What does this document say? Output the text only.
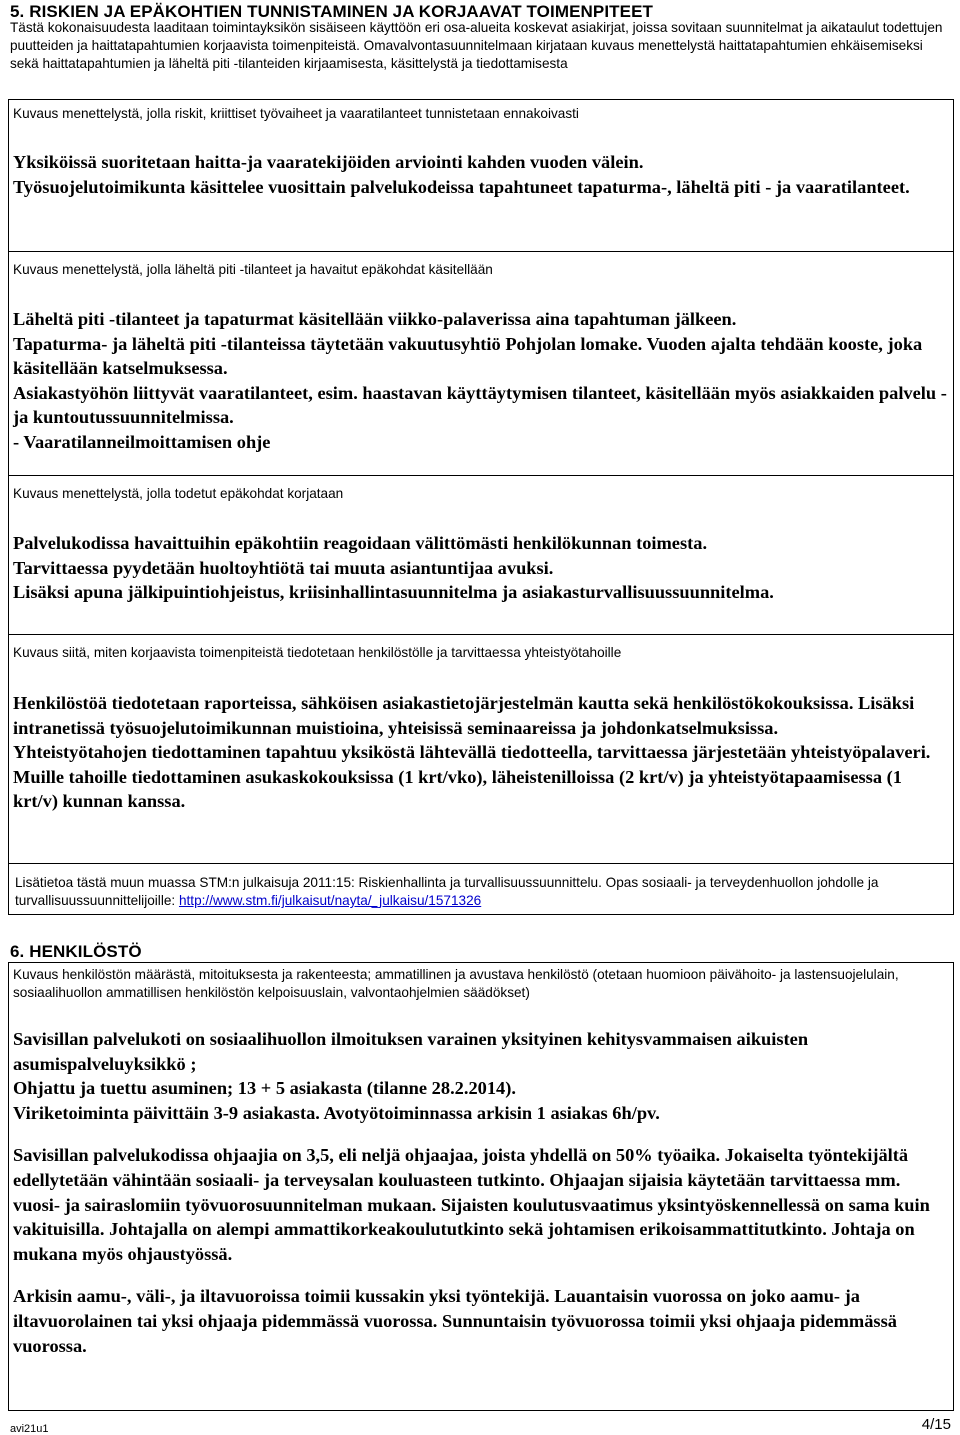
5. RISKIEN JA EPÄKOHTIEN TUNNISTAMINEN JA KORJAAVAT TOIMENPITEET
Tästä kokonaisuudesta laaditaan toimintayksikön sisäiseen käyttöön eri osa-alueita koskevat asiakirjat, joissa sovitaan suunnitelmat ja aikataulut todettujen puutteiden ja haittatapahtumien korjaavista toimenpiteistä. Omavalvontasuunnitelmaan kirjataan kuvaus menettelystä haittatapahtumien ehkäisemiseksi sekä haittatapahtumien ja läheltä piti -tilanteiden kirjaamisesta, käsittelystä ja tiedottamisesta
Kuvaus menettelystä, jolla riskit, kriittiset työvaiheet ja vaaratilanteet tunnistetaan ennakoivasti

Yksiköissä suoritetaan haitta-ja vaaratekijöiden arviointi kahden vuoden välein.

Työsuojelutoimikunta käsittelee vuosittain palvelukodeissa tapahtuneet tapaturma-, läheltä piti - ja vaaratilanteet.

Kuvaus menettelystä, jolla läheltä piti -tilanteet ja havaitut epäkohdat käsitellään

Läheltä piti -tilanteet ja tapaturmat käsitellään viikko-palaverissa aina tapahtuman jälkeen.

Tapaturma- ja läheltä piti -tilanteissa täytetään vakuutusyhtiö Pohjolan lomake. Vuoden ajalta tehdään kooste, joka käsitellään katselmuksessa.

Asiakastyöhön liittyvät vaaratilanteet, esim. haastavan käyttäytymisen tilanteet, käsitellään myös asiakkaiden palvelu -ja kuntoutussuunnitelmissa.

- Vaaratilanneilmoittamisen ohje

Kuvaus menettelystä, jolla todetut epäkohdat korjataan

Palvelukodissa havaittuihin epäkohtiin reagoidaan välittömästi henkilökunnan toimesta.

Tarvittaessa pyydetään huoltoyhtiötä tai muuta asiantuntijaa avuksi.

Lisäksi apuna jälkipuintiohjeistus, kriisinhallintasuunnitelma ja asiakasturvallisuussuunnitelma.

Kuvaus siitä, miten korjaavista toimenpiteistä tiedotetaan henkilöstölle ja tarvittaessa yhteistyötahoille

Henkilöstöä tiedotetaan raporteissa, sähköisen asiakastietojärjestelmän kautta sekä henkilöstökokouksissa. Lisäksi intranetissä työsuojelutoimikunnan muistioina, yhteisissä seminaareissa ja johdonkatselmuksissa.

Yhteistyötahojen tiedottaminen tapahtuu yksiköstä lähtevällä tiedotteella, tarvittaessa järjestetään yhteistyöpalaveri. Muille tahoille tiedottaminen asukaskokouksissa (1 krt/vko), läheistenilloissa (2 krt/v) ja yhteistyötapaamisessa (1 krt/v) kunnan kanssa.

Lisätietoa tästä muun muassa STM:n julkaisuja 2011:15: Riskienhallinta ja turvallisuussuunnittelu. Opas sosiaali- ja terveydenhuollon johdolle ja turvallisuussuunnittelijoille: http://www.stm.fi/julkaisut/nayta/_julkaisu/1571326
6. HENKILÖSTÖ
Kuvaus henkilöstön määrästä, mitoituksesta ja rakenteesta; ammatillinen ja avustava henkilöstö (otetaan huomioon päivähoito- ja lastensuojelulain, sosiaalihuollon ammatillisen henkilöstön kelpoisuuslain, valvontaohjelmien säädökset)

Savisillan palvelukoti on sosiaalihuollon ilmoituksen varainen yksityinen kehitysvammaisen aikuisten asumispalveluyksikkö ;

Ohjattu ja tuettu asuminen; 13 + 5 asiakasta (tilanne 28.2.2014).

Viriketoiminta päivittäin 3-9 asiakasta. Avotyötoiminnassa arkisin 1 asiakas 6h/pv.

Savisillan palvelukodissa ohjaajia on 3,5, eli neljä ohjaajaa, joista yhdellä on 50% työaika. Jokaiselta työntekijältä edellytetään vähintään sosiaali- ja terveysalan kouluasteen tutkinto. Ohjaajan sijaisia käytetään tarvittaessa mm. vuosi- ja sairaslomiin työvuorosuunnitelman mukaan. Sijaisten koulutusvaatimus yksintyöskennellessä on sama kuin vakituisilla. Johtajalla on alempi ammattikorkeakoulututkinto sekä johtamisen erikoisammattitutkinto. Johtaja on mukana myös ohjaustyössä.

Arkisin aamu-, väli-, ja iltavuoroissa toimii kussakin yksi työntekijä. Lauantaisin vuorossa on joko aamu- ja iltavuorolainen tai yksi ohjaaja pidemmässä vuorossa. Sunnuntaisin työvuorossa toimii yksi ohjaaja pidemmässä vuorossa.

avi21u1	4/15
